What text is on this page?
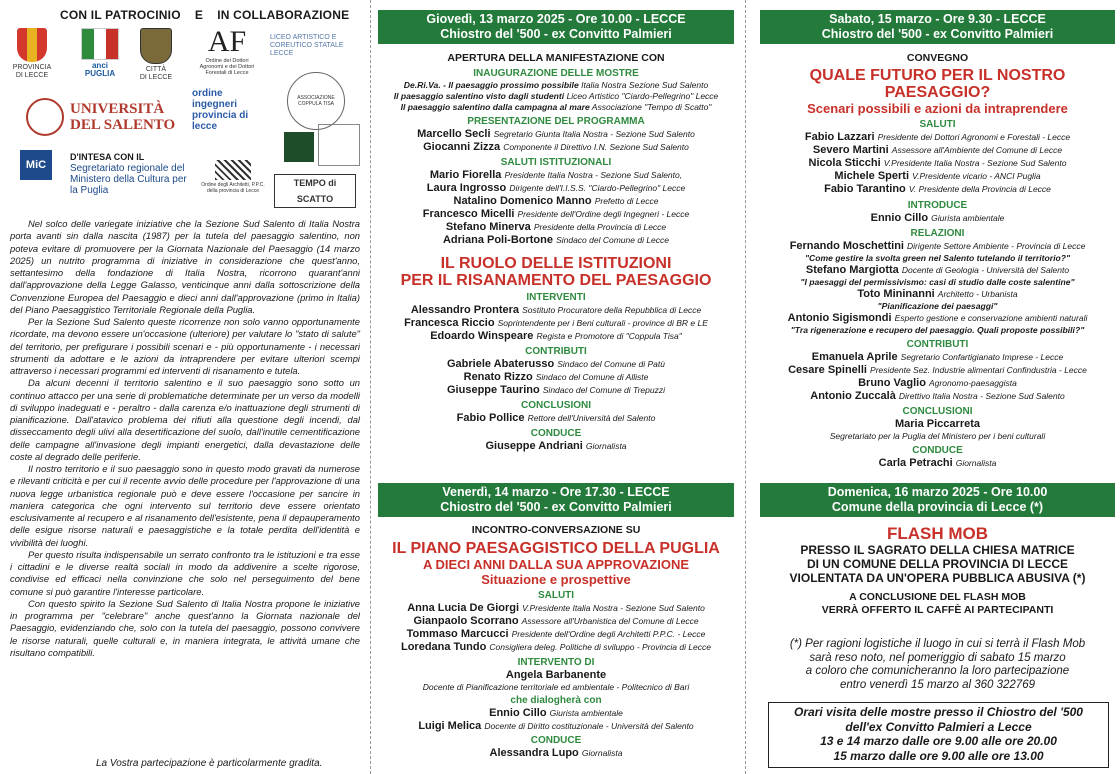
CON IL PATROCINIO    E    IN COLLABORAZIONE
PROVINCIA
DI LECCE
anci
PUGLIA	CITTÀ
DI LECCE
AF
Ordine dei Dottori Agronomi e dei Dottori Forestali di Lecce
LICEO ARTISTICO E COREUTICO STATALE LECCE
UNIVERSITÀ DEL SALENTO
ordine ingegneri provincia di lecce
ASSOCIAZIONE COPPULA TISA
MiC
D'INTESA CON IL
Segretariato regionale del Ministero della Cultura per la Puglia	Ordine degli Architetti, P.P.C. della provincia di Lecce
TEMPO di SCATTO

Nel solco delle variegate iniziative che la Sezione Sud Salento di Italia Nostra porta avanti sin dalla nascita (1987) per la tutela del paesaggio salentino, non poteva evitare di promuovere per la Giornata Nazionale del Paesaggio (14 marzo 2025) un nutrito programma di iniziative in considerazione che quest'anno, settantesimo della fondazione di Italia Nostra, ricorrono quarant'anni dall'approvazione della Legge Galasso, venticinque anni dalla sottoscrizione della Convenzione Europea del Paesaggio e dieci anni dall'approvazione (primo in Italia) del Piano Paesaggistico Territoriale Regionale della Puglia.

Per la Sezione Sud Salento queste ricorrenze non solo vanno opportunamente ricordate, ma devono essere un'occasione (ulteriore) per valutare lo "stato di salute" del territorio, per prefigurare i possibili scenari e - più opportunamente - i necessari strumenti da adottare e le azioni da intraprendere per evitare ulteriori scempi attraverso i necessari programmi ed interventi di risanamento e tutela.

Da alcuni decenni il territorio salentino e il suo paesaggio sono sotto un continuo attacco per una serie di problematiche determinate per un verso da modelli di sviluppo inadeguati e - peraltro - dalla carenza e/o inattuazione degli strumenti di pianificazione. Dall'atavico problema dei rifiuti alla questione degli incendi, dal disseccamento degli ulivi alla desertificazione del suolo, dall'inutile cementificazione delle campagne all'invasione degli impianti energetici, dalla devastazione delle coste al degrado delle periferie.

Il nostro territorio e il suo paesaggio sono in questo modo gravati da numerose e rilevanti criticità e per cui il recente avvio delle procedure per l'approvazione di una nuova legge urbanistica regionale può e deve essere l'occasione per sancire in maniera categorica che ogni intervento sul territorio deve essere orientato esclusivamente al recupero e al risanamento dell'esistente, pena il depauperamento delle esigue risorse naturali e paesaggistiche e la totale perdita dell'identità e vivibilità dei luoghi.

Per questo risulta indispensabile un serrato confronto tra le istituzioni e tra esse i cittadini e le diverse realtà sociali in modo da addivenire a scelte rigorose, condivise ed efficaci nella convinzione che solo nel perseguimento del bene comune si può garantire l'interesse particolare.

Con questo spirito la Sezione Sud Salento di Italia Nostra propone le iniziative in programma per "celebrare" anche quest'anno la Giornata nazionale del Paesaggio, evidenziando che, solo con la tutela del paesaggio, possono convivere le risorse naturali, quelle culturali e, in maniera integrata, le attività umane che risultano compatibili.

La Vostra partecipazione è particolarmente gradita.
Giovedì, 13 marzo 2025 - Ore 10.00 - LECCE
Chiostro del '500 - ex Convitto Palmieri
APERTURA DELLA MANIFESTAZIONE CON
INAUGURAZIONE DELLE MOSTRE
De.Ri.Va. - Il paesaggio prossimo possibile Italia Nostra Sezione Sud Salento
Il paesaggio salentino visto dagli studenti Liceo Artistico "Ciardo-Pellegrino" Lecce
Il paesaggio salentino dalla campagna al mare Associazione "Tempo di Scatto"
PRESENTAZIONE DEL PROGRAMMA
Marcello Secli Segretario Giunta Italia Nostra - Sezione Sud Salento
Giocanni Zizza Componente il Direttivo I.N. Sezione Sud Salento
SALUTI ISTITUZIONALI
Mario Fiorella Presidente Italia Nostra - Sezione Sud Salento,
Laura Ingrosso Dirigente dell'I.I.S.S. "Ciardo-Pellegrino" Lecce
Natalino Domenico Manno Prefetto di Lecce
Francesco Micelli Presidente dell'Ordine degli Ingegneri - Lecce
Stefano Minerva Presidente della Provincia di Lecce
Adriana Poli-Bortone Sindaco del Comune di Lecce
IL RUOLO DELLE ISTITUZIONI
PER IL RISANAMENTO DEL PAESAGGIO
INTERVENTI
Alessandro Prontera Sostituto Procuratore della Repubblica di Lecce
Francesca Riccio Soprintendente per i Beni culturali - province di BR e LE
Edoardo Winspeare Regista e Promotore di "Coppula Tisa"
CONTRIBUTI
Gabriele Abaterusso Sindaco del Comune di Patù
Renato Rizzo Sindaco del Comune di Alliste
Giuseppe Taurino Sindaco del Comune di Trepuzzi
CONCLUSIONI
Fabio Pollice Rettore dell'Università del Salento
CONDUCE
Giuseppe Andriani Giornalista
Venerdì, 14 marzo - Ore 17.30 - LECCE
Chiostro del '500 - ex Convitto Palmieri
INCONTRO-CONVERSAZIONE SU
IL PIANO PAESAGGISTICO DELLA PUGLIA
A DIECI ANNI DALLA SUA APPROVAZIONE
Situazione e prospettive
SALUTI
Anna Lucia De Giorgi V.Presidente Italia Nostra - Sezione Sud Salento
Gianpaolo Scorrano Assessore all'Urbanistica del Comune di Lecce
Tommaso Marcucci Presidente dell'Ordine degli Architetti P.P.C. - Lecce
Loredana Tundo Consigliera deleg. Politiche di sviluppo - Provincia di Lecce
INTERVENTO DI
Angela Barbanente
Docente di Pianificazione territoriale ed ambientale - Politecnico di Bari
che dialogherà con
Ennio Cillo Giurista ambientale
Luigi Melica Docente di Diritto costituzionale - Università del Salento
CONDUCE
Alessandra Lupo Giornalista
Sabato, 15 marzo - Ore 9.30 - LECCE
Chiostro del '500 - ex Convitto Palmieri
CONVEGNO
QUALE FUTURO PER IL NOSTRO PAESAGGIO?
Scenari possibili e azioni da intraprendere
SALUTI
Fabio Lazzari Presidente dei Dottori Agronomi e Forestali - Lecce
Severo Martini Assessore all'Ambiente del Comune di Lecce
Nicola Sticchi V.Presidente Italia Nostra - Sezione Sud Salento
Michele Sperti V.Presidente vicario - ANCI Puglia
Fabio Tarantino V. Presidente della Provincia di Lecce
INTRODUCE
Ennio Cillo Giurista ambientale
RELAZIONI
Fernando Moschettini Dirigente Settore Ambiente - Provincia di Lecce
"Come gestire la svolta green nel Salento tutelando il territorio?"
Stefano Margiotta Docente di Geologia - Università del Salento
"I paesaggi del permissivismo: casi di studio dalle coste salentine"
Toto Mininanni Architetto - Urbanista
"Pianificazione dei paesaggi"
Antonio Sigismondi Esperto gestione e conservazione ambienti naturali
"Tra rigenerazione e recupero del paesaggio. Quali proposte possibili?"
CONTRIBUTI
Emanuela Aprile Segretario Confartigianato Imprese - Lecce
Cesare Spinelli Presidente Sez. Industrie alimentari Confindustria - Lecce
Bruno Vaglio Agronomo-paesaggista
Antonio Zuccalà Direttivo Italia Nostra - Sezione Sud Salento
CONCLUSIONI
Maria Piccarreta
Segretariato per la Puglia del Ministero per i beni culturali
CONDUCE
Carla Petrachi Giornalista
Domenica, 16 marzo 2025 - Ore 10.00
Comune della provincia di Lecce (*)
FLASH MOB
PRESSO IL SAGRATO DELLA CHIESA MATRICE
DI UN COMUNE DELLA PROVINCIA DI LECCE
VIOLENTATA DA UN'OPERA PUBBLICA ABUSIVA (*)
A CONCLUSIONE DEL FLASH MOB
VERRÀ OFFERTO IL CAFFÈ AI PARTECIPANTI
(*) Per ragioni logistiche il luogo in cui si terrà il Flash Mob
sarà reso noto, nel pomeriggio di sabato 15 marzo
a coloro che comunicheranno la loro partecipazione
entro venerdì 15 marzo al 360 322769
Orari visita delle mostre presso il Chiostro del '500
dell'ex Convitto Palmieri a Lecce
13 e 14 marzo dalle ore 9.00 alle ore 20.00
15 marzo dalle ore 9.00 alle ore 13.00
